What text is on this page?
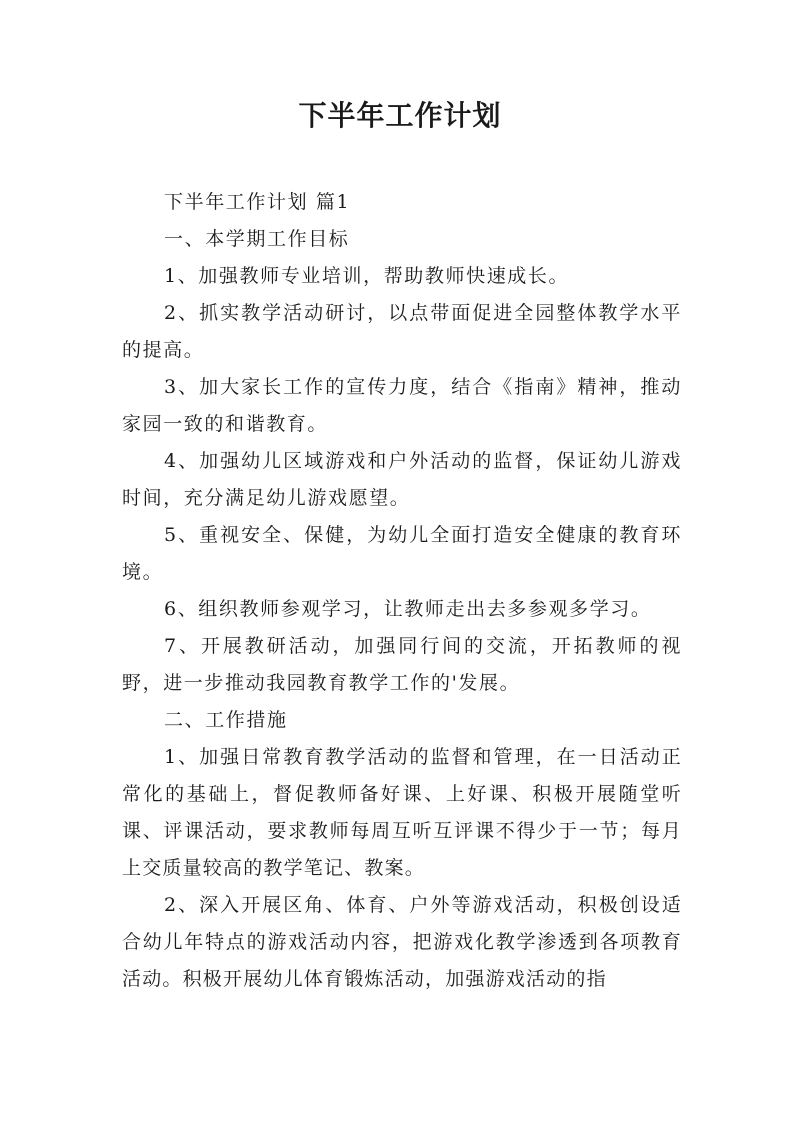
下半年工作计划

下半年工作计划 篇1

一、本学期工作目标

1、加强教师专业培训，帮助教师快速成长。

2、抓实教学活动研讨，以点带面促进全园整体教学水平的提高。

3、加大家长工作的宣传力度，结合《指南》精神，推动家园一致的和谐教育。

4、加强幼儿区域游戏和户外活动的监督，保证幼儿游戏时间，充分满足幼儿游戏愿望。

5、重视安全、保健，为幼儿全面打造安全健康的教育环境。

6、组织教师参观学习，让教师走出去多参观多学习。

7、开展教研活动，加强同行间的交流，开拓教师的视野，进一步推动我园教育教学工作的'发展。

二、工作措施

1、加强日常教育教学活动的监督和管理，在一日活动正常化的基础上，督促教师备好课、上好课、积极开展随堂听课、评课活动，要求教师每周互听互评课不得少于一节；每月上交质量较高的教学笔记、教案。

2、深入开展区角、体育、户外等游戏活动，积极创设适合幼儿年特点的游戏活动内容，把游戏化教学渗透到各项教育活动。积极开展幼儿体育锻炼活动，加强游戏活动的指
